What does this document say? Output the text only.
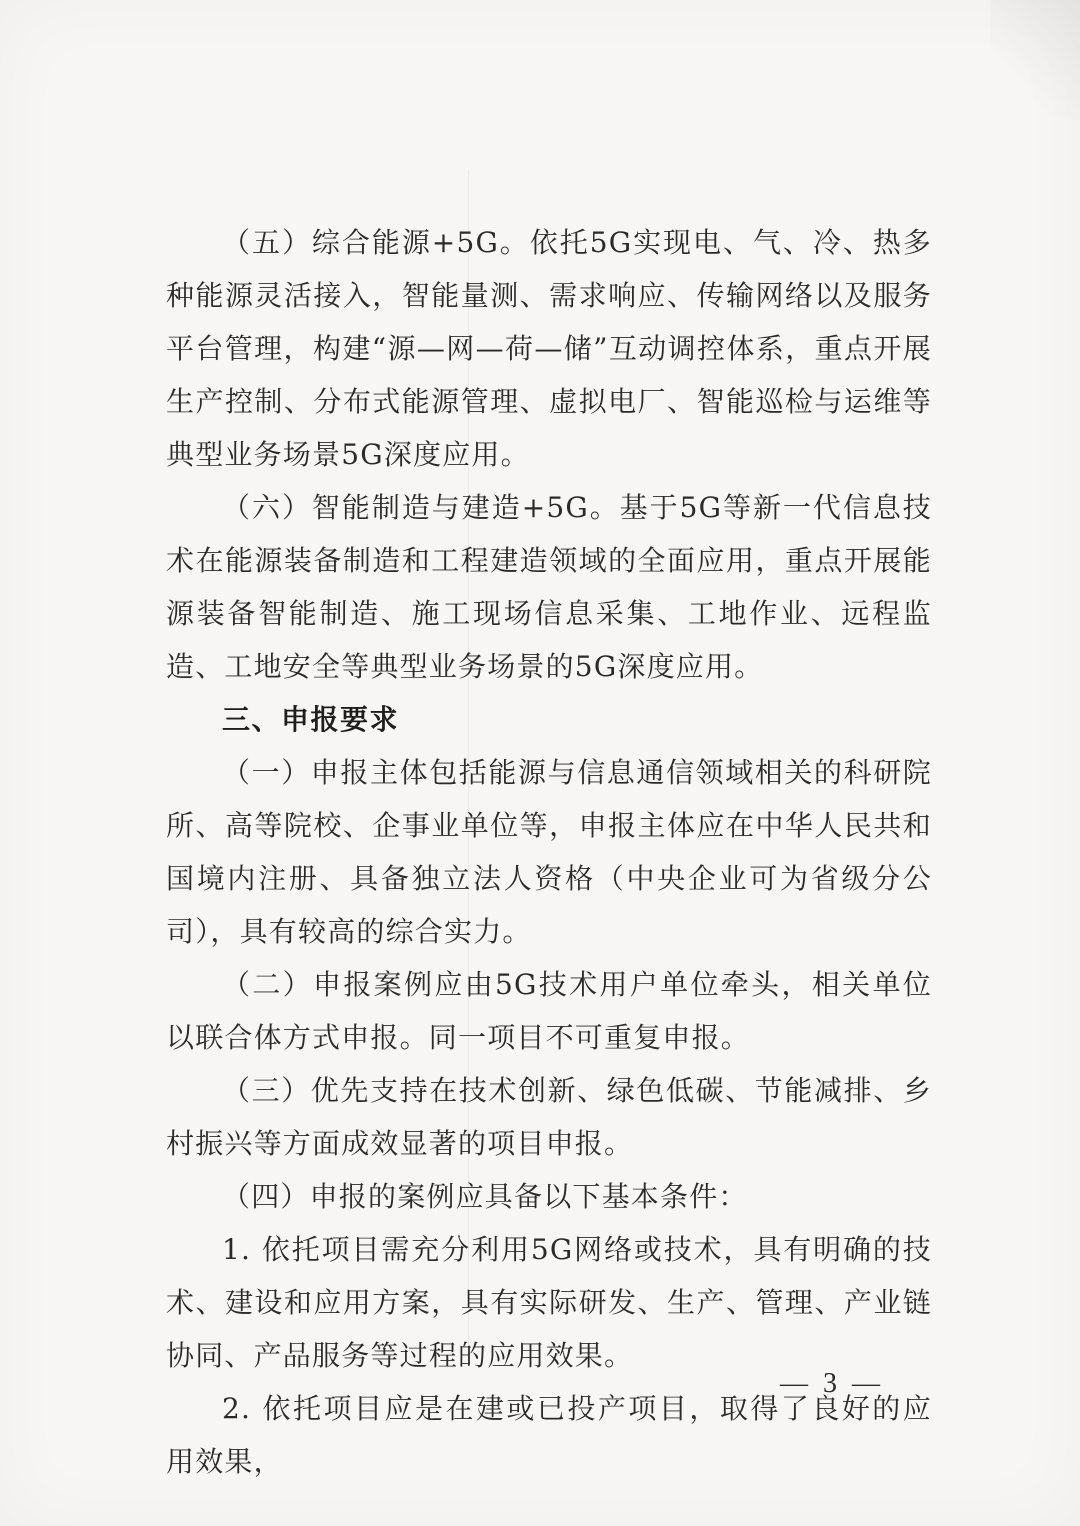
（五）综合能源+5G。依托5G实现电、气、冷、热多种能源灵活接入，智能量测、需求响应、传输网络以及服务平台管理，构建“源—网—荷—储”互动调控体系，重点开展生产控制、分布式能源管理、虚拟电厂、智能巡检与运维等典型业务场景5G深度应用。

（六）智能制造与建造+5G。基于5G等新一代信息技术在能源装备制造和工程建造领域的全面应用，重点开展能源装备智能制造、施工现场信息采集、工地作业、远程监造、工地安全等典型业务场景的5G深度应用。

三、申报要求

（一）申报主体包括能源与信息通信领域相关的科研院所、高等院校、企事业单位等，申报主体应在中华人民共和国境内注册、具备独立法人资格（中央企业可为省级分公司），具有较高的综合实力。

（二）申报案例应由5G技术用户单位牵头，相关单位以联合体方式申报。同一项目不可重复申报。

（三）优先支持在技术创新、绿色低碳、节能减排、乡村振兴等方面成效显著的项目申报。

（四）申报的案例应具备以下基本条件：

1. 依托项目需充分利用5G网络或技术，具有明确的技术、建设和应用方案，具有实际研发、生产、管理、产业链协同、产品服务等过程的应用效果。

2. 依托项目应是在建或已投产项目，取得了良好的应用效果，

— 3 —
